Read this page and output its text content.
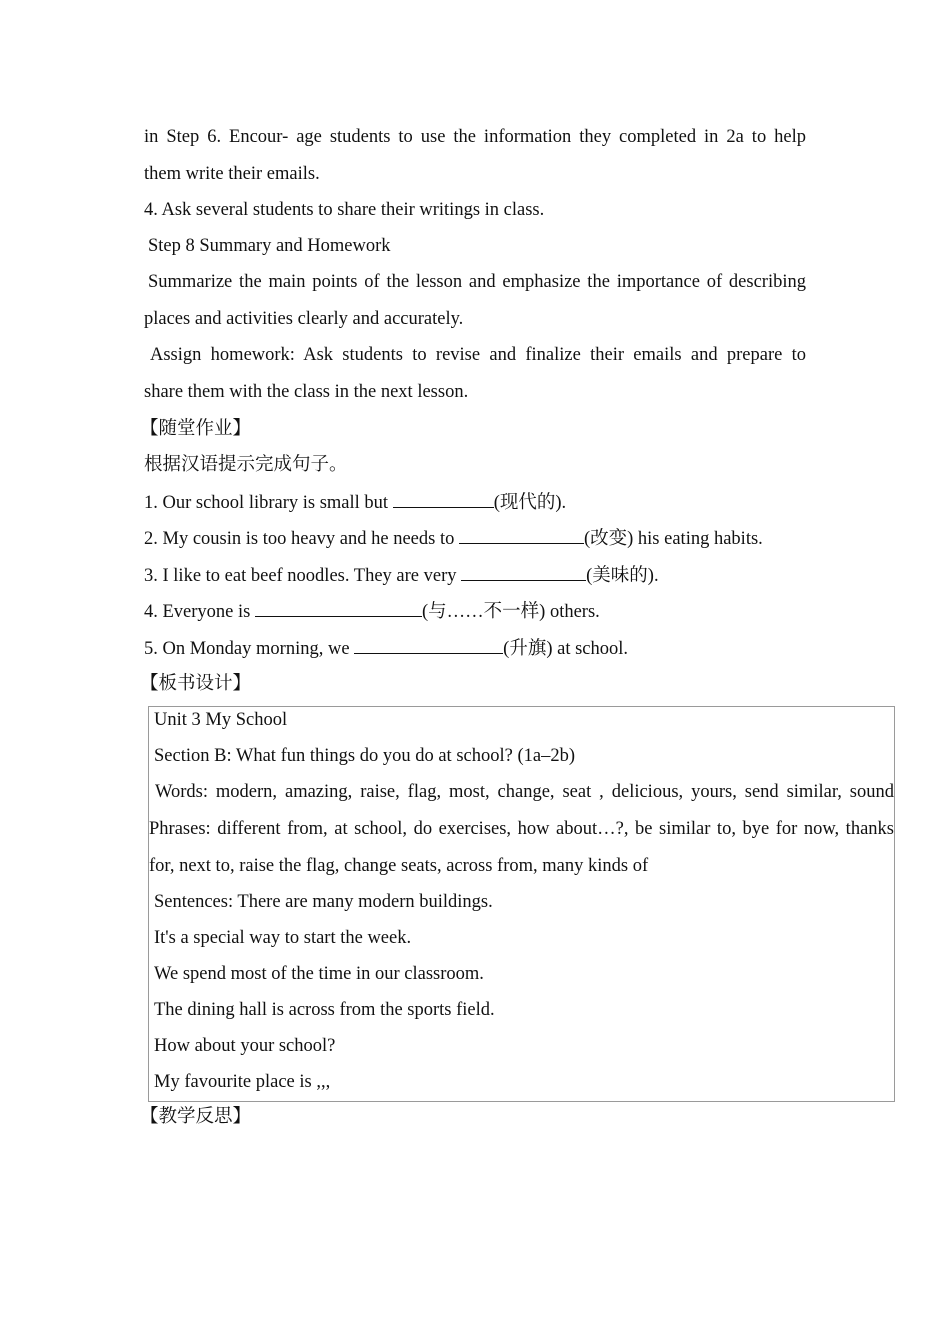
in Step 6. Encour- age students to use the information they completed in 2a to help
them write their emails.
4. Ask several students to share their writings in class.
Step 8 Summary and Homework
Summarize the main points of the lesson and emphasize the importance of describing
places and activities clearly and accurately.
Assign homework: Ask students to revise and finalize their emails and prepare to
share them with the class in the next lesson.
【随堂作业】
根据汉语提示完成句子。
1. Our school library is small but	(现代的).
2. My cousin is too heavy and he needs to	(改变) his eating habits.
3. I like to eat beef noodles. They are very	(美味的).
4. Everyone is	(与……不一样) others.
5. On Monday morning, we	(升旗) at school.
【板书设计】
Unit 3 My School
Section B: What fun things do you do at school? (1a–2b)
Words: modern, amazing, raise, flag, most, change, seat , delicious, yours, send similar, sound
Phrases: different from, at school, do exercises, how about…?, be similar to, bye for now, thanks
for, next to, raise the flag, change seats, across from, many kinds of
Sentences: There are many modern buildings.
It's a special way to start the week.
We spend most of the time in our classroom.
The dining hall is across from the sports field.
How about your school?
My favourite place is ,,,
【教学反思】
